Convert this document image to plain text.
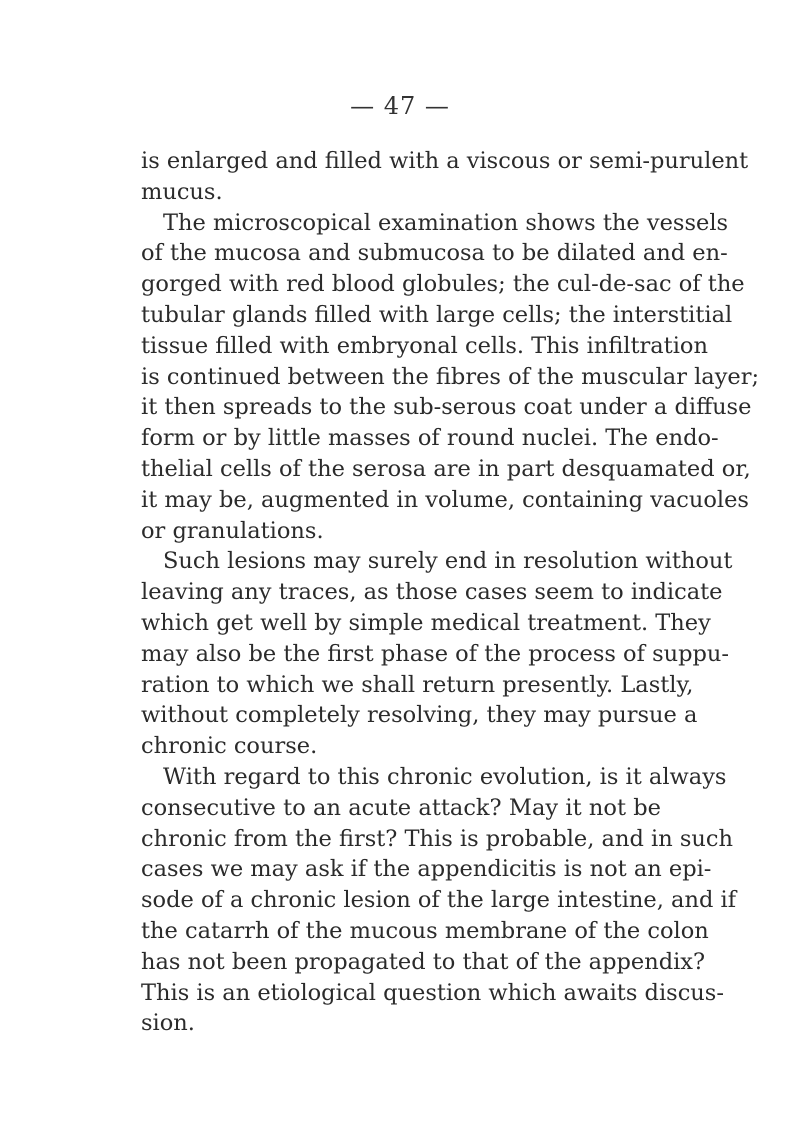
— 47 —
is enlarged and filled with a viscous or semi-purulent
mucus.
The microscopical examination shows the vessels
of the mucosa and submucosa to be dilated and en-
gorged with red blood globules; the cul-de-sac of the
tubular glands filled with large cells; the interstitial
tissue filled with embryonal cells. This infiltration
is continued between the fibres of the muscular layer;
it then spreads to the sub-serous coat under a diffuse
form or by little masses of round nuclei. The endo-
thelial cells of the serosa are in part desquamated or,
it may be, augmented in volume, containing vacuoles
or granulations.
Such lesions may surely end in resolution without
leaving any traces, as those cases seem to indicate
which get well by simple medical treatment. They
may also be the first phase of the process of suppu-
ration to which we shall return presently. Lastly,
without completely resolving, they may pursue a
chronic course.
With regard to this chronic evolution, is it always
consecutive to an acute attack? May it not be
chronic from the first? This is probable, and in such
cases we may ask if the appendicitis is not an epi-
sode of a chronic lesion of the large intestine, and if
the catarrh of the mucous membrane of the colon
has not been propagated to that of the appendix?
This is an etiological question which awaits discus-
sion.
